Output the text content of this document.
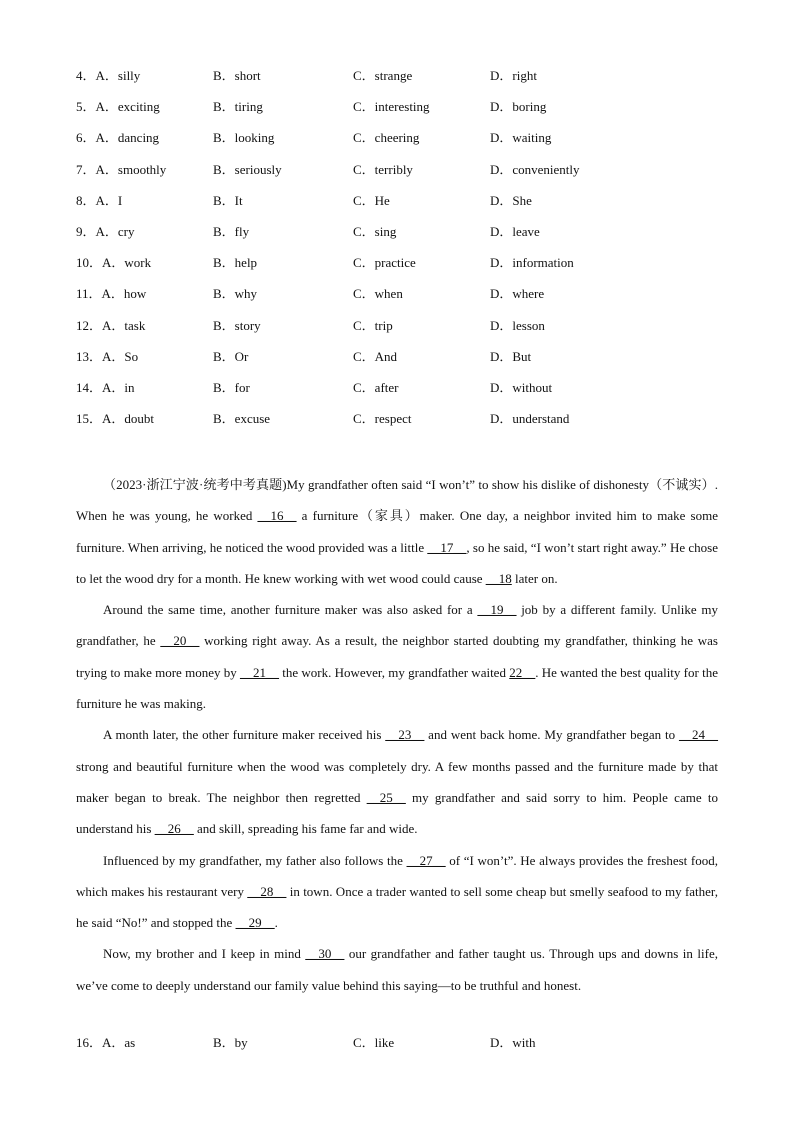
4．A．silly	B．short	C．strange	D．right
5．A．exciting	B．tiring	C．interesting	D．boring
6．A．dancing	B．looking	C．cheering	D．waiting
7．A．smoothly	B．seriously	C．terribly	D．conveniently
8．A．I	B．It	C．He	D．She
9．A．cry	B．fly	C．sing	D．leave
10．A．work	B．help	C．practice	D．information
11．A．how	B．why	C．when	D．where
12．A．task	B．story	C．trip	D．lesson
13．A．So	B．Or	C．And	D．But
14．A．in	B．for	C．after	D．without
15．A．doubt	B．excuse	C．respect	D．understand

（2023·浙江宁波·统考中考真题)My grandfather often said “I won’t” to show his dislike of dishonesty（不诚实）. When he was young, he worked __16__ a furniture（家具）maker. One day, a neighbor invited him to make some furniture. When arriving, he noticed the wood provided was a little __17__, so he said, “I won’t start right away.” He chose to let the wood dry for a month. He knew working with wet wood could cause __18 later on.

Around the same time, another furniture maker was also asked for a __19__ job by a different family. Unlike my grandfather, he __20__ working right away. As a result, the neighbor started doubting my grandfather, thinking he was trying to make more money by __21__ the work. However, my grandfather waited 22__. He wanted the best quality for the furniture he was making.

A month later, the other furniture maker received his __23__ and went back home. My grandfather began to __24__ strong and beautiful furniture when the wood was completely dry. A few months passed and the furniture made by that maker began to break. The neighbor then regretted __25__ my grandfather and said sorry to him. People came to understand his __26__ and skill, spreading his fame far and wide.

Influenced by my grandfather, my father also follows the __27__ of “I won’t”. He always provides the freshest food, which makes his restaurant very __28__ in town. Once a trader wanted to sell some cheap but smelly seafood to my father, he said “No!” and stopped the __29__.

Now, my brother and I keep in mind __30__ our grandfather and father taught us. Through ups and downs in life, we’ve come to deeply understand our family value behind this saying—to be truthful and honest.

16．A．as	B．by	C．like	D．with
